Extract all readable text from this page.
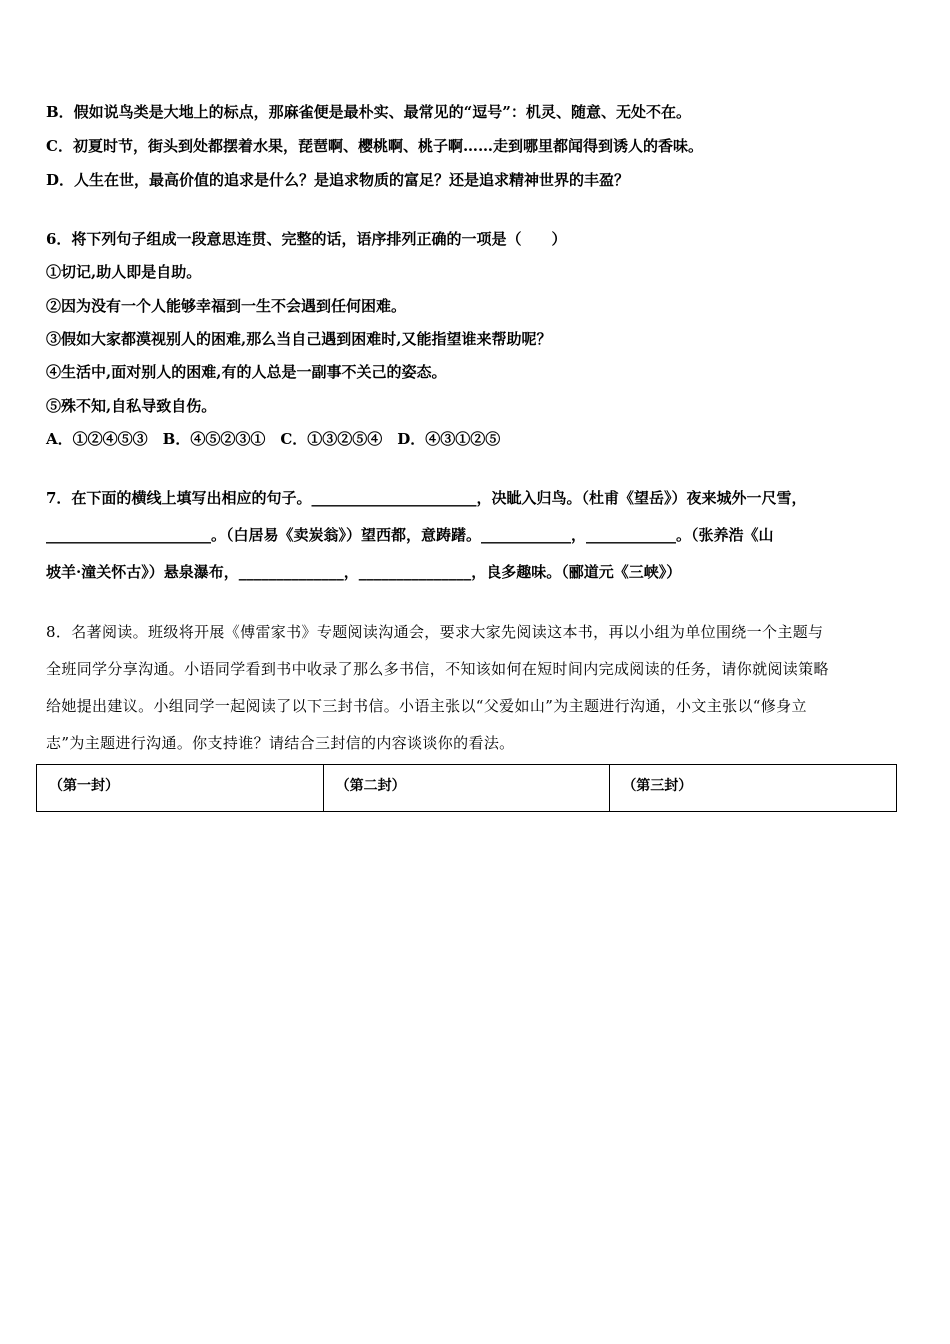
B．假如说鸟类是大地上的标点，那麻雀便是最朴实、最常见的“逗号”：机灵、随意、无处不在。
C．初夏时节，街头到处都摆着水果，琵琶啊、樱桃啊、桃子啊……走到哪里都闻得到诱人的香味。
D．人生在世，最高价值的追求是什么？是追求物质的富足？还是追求精神世界的丰盈？
6．将下列句子组成一段意思连贯、完整的话，语序排列正确的一项是（　　）
①切记,助人即是自助。
②因为没有一个人能够幸福到一生不会遇到任何困难。
③假如大家都漠视别人的困难,那么当自己遇到困难时,又能指望谁来帮助呢？
④生活中,面对别人的困难,有的人总是一副事不关己的姿态。
⑤殊不知,自私导致自伤。
A．①②④⑤③　B．④⑤②③①　C．①③②⑤④　D．④③①②⑤
7．在下面的横线上填写出相应的句子。______________________，决眦入归鸟。（杜甫《望岳》）夜来城外一尺雪，
______________________。（白居易《卖炭翁》）望西都，意踌躇。____________，____________。（张养浩《山
坡羊·潼关怀古》）悬泉瀑布，______________，_______________，良多趣味。（郦道元《三峡》）
8．名著阅读。班级将开展《傅雷家书》专题阅读沟通会，要求大家先阅读这本书，再以小组为单位围绕一个主题与
全班同学分享沟通。小语同学看到书中收录了那么多书信，不知该如何在短时间内完成阅读的任务，请你就阅读策略
给她提出建议。小组同学一起阅读了以下三封书信。小语主张以“父爱如山”为主题进行沟通，小文主张以“修身立
志”为主题进行沟通。你支持谁？请结合三封信的内容谈谈你的看法。
（第一封）	（第二封）	（第三封）
